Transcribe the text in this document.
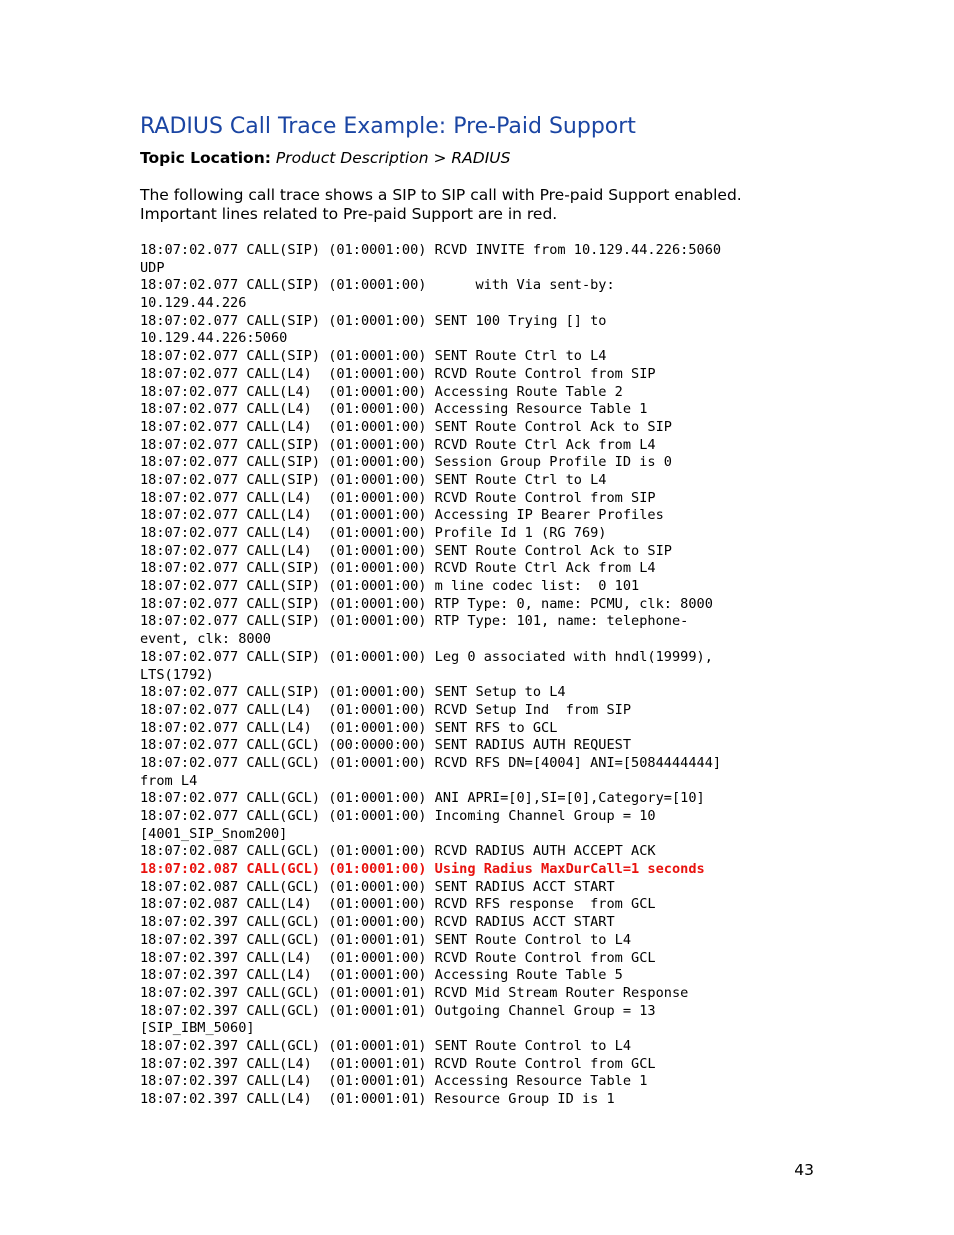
RADIUS Call Trace Example: Pre-Paid Support
Topic Location: Product Description > RADIUS

The following call trace shows a SIP to SIP call with Pre-paid Support enabled.

Important lines related to Pre-paid Support are in red.

18:07:02.077 CALL(SIP) (01:0001:00) RCVD INVITE from 10.129.44.226:5060
UDP
18:07:02.077 CALL(SIP) (01:0001:00)      with Via sent-by:
10.129.44.226
18:07:02.077 CALL(SIP) (01:0001:00) SENT 100 Trying [] to
10.129.44.226:5060
18:07:02.077 CALL(SIP) (01:0001:00) SENT Route Ctrl to L4
18:07:02.077 CALL(L4)  (01:0001:00) RCVD Route Control from SIP
18:07:02.077 CALL(L4)  (01:0001:00) Accessing Route Table 2
18:07:02.077 CALL(L4)  (01:0001:00) Accessing Resource Table 1
18:07:02.077 CALL(L4)  (01:0001:00) SENT Route Control Ack to SIP
18:07:02.077 CALL(SIP) (01:0001:00) RCVD Route Ctrl Ack from L4
18:07:02.077 CALL(SIP) (01:0001:00) Session Group Profile ID is 0
18:07:02.077 CALL(SIP) (01:0001:00) SENT Route Ctrl to L4
18:07:02.077 CALL(L4)  (01:0001:00) RCVD Route Control from SIP
18:07:02.077 CALL(L4)  (01:0001:00) Accessing IP Bearer Profiles
18:07:02.077 CALL(L4)  (01:0001:00) Profile Id 1 (RG 769)
18:07:02.077 CALL(L4)  (01:0001:00) SENT Route Control Ack to SIP
18:07:02.077 CALL(SIP) (01:0001:00) RCVD Route Ctrl Ack from L4
18:07:02.077 CALL(SIP) (01:0001:00) m line codec list:  0 101
18:07:02.077 CALL(SIP) (01:0001:00) RTP Type: 0, name: PCMU, clk: 8000
18:07:02.077 CALL(SIP) (01:0001:00) RTP Type: 101, name: telephone-
event, clk: 8000
18:07:02.077 CALL(SIP) (01:0001:00) Leg 0 associated with hndl(19999),
LTS(1792)
18:07:02.077 CALL(SIP) (01:0001:00) SENT Setup to L4
18:07:02.077 CALL(L4)  (01:0001:00) RCVD Setup Ind  from SIP
18:07:02.077 CALL(L4)  (01:0001:00) SENT RFS to GCL
18:07:02.077 CALL(GCL) (00:0000:00) SENT RADIUS AUTH REQUEST
18:07:02.077 CALL(GCL) (01:0001:00) RCVD RFS DN=[4004] ANI=[5084444444]
from L4
18:07:02.077 CALL(GCL) (01:0001:00) ANI APRI=[0],SI=[0],Category=[10]
18:07:02.077 CALL(GCL) (01:0001:00) Incoming Channel Group = 10
[4001_SIP_Snom200]
18:07:02.087 CALL(GCL) (01:0001:00) RCVD RADIUS AUTH ACCEPT ACK
18:07:02.087 CALL(GCL) (01:0001:00) Using Radius MaxDurCall=1 seconds
18:07:02.087 CALL(GCL) (01:0001:00) SENT RADIUS ACCT START
18:07:02.087 CALL(L4)  (01:0001:00) RCVD RFS response  from GCL
18:07:02.397 CALL(GCL) (01:0001:00) RCVD RADIUS ACCT START
18:07:02.397 CALL(GCL) (01:0001:01) SENT Route Control to L4
18:07:02.397 CALL(L4)  (01:0001:00) RCVD Route Control from GCL
18:07:02.397 CALL(L4)  (01:0001:00) Accessing Route Table 5
18:07:02.397 CALL(GCL) (01:0001:01) RCVD Mid Stream Router Response
18:07:02.397 CALL(GCL) (01:0001:01) Outgoing Channel Group = 13
[SIP_IBM_5060]
18:07:02.397 CALL(GCL) (01:0001:01) SENT Route Control to L4
18:07:02.397 CALL(L4)  (01:0001:01) RCVD Route Control from GCL
18:07:02.397 CALL(L4)  (01:0001:01) Accessing Resource Table 1
18:07:02.397 CALL(L4)  (01:0001:01) Resource Group ID is 1
43
